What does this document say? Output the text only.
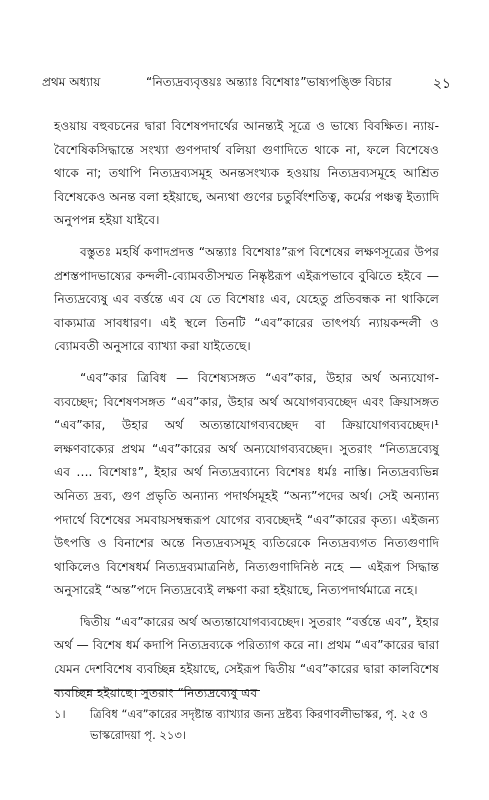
প্রথম অধ্যায়	“নিত্যদ্রব্যবৃত্তয়ঃ অন্ত্যাঃ বিশেষাঃ”ভাষ্যপঙ্ক্তি বিচার	২১

হওয়ায় বহুবচনের দ্বারা বিশেষপদার্থের আনন্ত্যই সূত্রে ও ভাষ্যে বিবক্ষিত। ন্যায়-বৈশেষিকসিদ্ধান্তে সংখ্যা গুণপদার্থ বলিয়া গুণাদিতে থাকে না, ফলে বিশেষেও থাকে না; তথাপি নিত্যদ্রব্যসমূহ অনন্তসংখ্যক হওয়ায় নিত্যদ্রব্যসমূহে আশ্রিত বিশেষকেও অনন্ত বলা হইয়াছে, অন্যথা গুণের চতুর্বিংশতিত্ব, কর্মের পঞ্চত্ব ইত্যাদি অনুপপন্ন হইয়া যাইবে।

বস্তুতঃ মহর্ষি কণাদপ্রদত্ত “অন্ত্যাঃ বিশেষাঃ”রূপ বিশেষের লক্ষণসূত্রের উপর প্রশস্তপাদভাষ্যের কন্দলী-ব্যোমবতীসম্মত নিষ্কৃষ্টরূপ এইরূপভাবে বুঝিতে হইবে — নিত্যদ্রব্যেষু এব বর্ত্তন্তে এব যে তে বিশেষাঃ এব, যেহেতু প্রতিবন্ধক না থাকিলে বাক্যমাত্র সাবধারণ। এই স্থলে তিনটি “এব”কারের তাৎপর্য্য ন্যায়কন্দলী ও ব্যোমবতী অনুসারে ব্যাখ্যা করা যাইতেছে।

“এব”কার ত্রিবিধ — বিশেষ্যসঙ্গত “এব”কার, উহার অর্থ অন্যযোগ-ব্যবচ্ছেদ; বিশেষণসঙ্গত “এব”কার, উহার অর্থ অযোগব্যবচ্ছেদ এবং ক্রিয়াসঙ্গত “এব”কার, উহার অর্থ অত্যন্তাযোগব্যবচ্ছেদ বা ক্রিয়াযোগব্যবচ্ছেদ।¹ লক্ষণবাক্যের প্রথম “এব”কারের অর্থ অন্যযোগব্যবচ্ছেদ। সুতরাং “নিত্যদ্রব্যেষু এব …. বিশেষাঃ”, ইহার অর্থ নিত্যদ্রব্যান্যে বিশেষঃ ধর্মঃ নাস্তি। নিত্যদ্রব্যভিন্ন অনিত্য দ্রব্য, গুণ প্রভৃতি অন্যান্য পদার্থসমূহই “অন্য”পদের অর্থ। সেই অন্যান্য পদার্থে বিশেষের সমবায়সম্বন্ধরূপ যোগের ব্যবচ্ছেদই “এব”কারের কৃত্য। এইজন্য উৎপত্তি ও বিনাশের অন্তে নিত্যদ্রব্যসমূহ ব্যতিরেকে নিত্যদ্রব্যগত নিত্যগুণাদি থাকিলেও বিশেষধর্ম নিত্যদ্রব্যমাত্রনিষ্ঠ, নিত্যগুণাদিনিষ্ঠ নহে — এইরূপ সিদ্ধান্ত অনুসারেই “অন্ত”পদে নিত্যদ্রব্যেই লক্ষণা করা হইয়াছে, নিত্যপদার্থমাত্রে নহে।

দ্বিতীয় “এব”কারের অর্থ অত্যন্তাযোগব্যবচ্ছেদ। সুতরাং “বর্ত্তন্তে এব”, ইহার অর্থ — বিশেষ ধর্ম কদাপি নিত্যদ্রব্যকে পরিত্যাগ করে না। প্রথম “এব”কারের দ্বারা যেমন দেশবিশেষ ব্যবচ্ছিন্ন হইয়াছে, সেইরূপ দ্বিতীয় “এব”কারের দ্বারা কালবিশেষ ব্যবচ্ছিন্ন হইয়াছে। সুতরাং “নিত্যদ্রব্যেষু এব

১। ত্রিবিধ “এব”কারের সদৃষ্টান্ত ব্যাখ্যার জন্য দ্রষ্টব্য কিরণাবলীভাস্কর, পৃ. ২৫ ও ভাস্করোদয়া পৃ. ২১৩।
